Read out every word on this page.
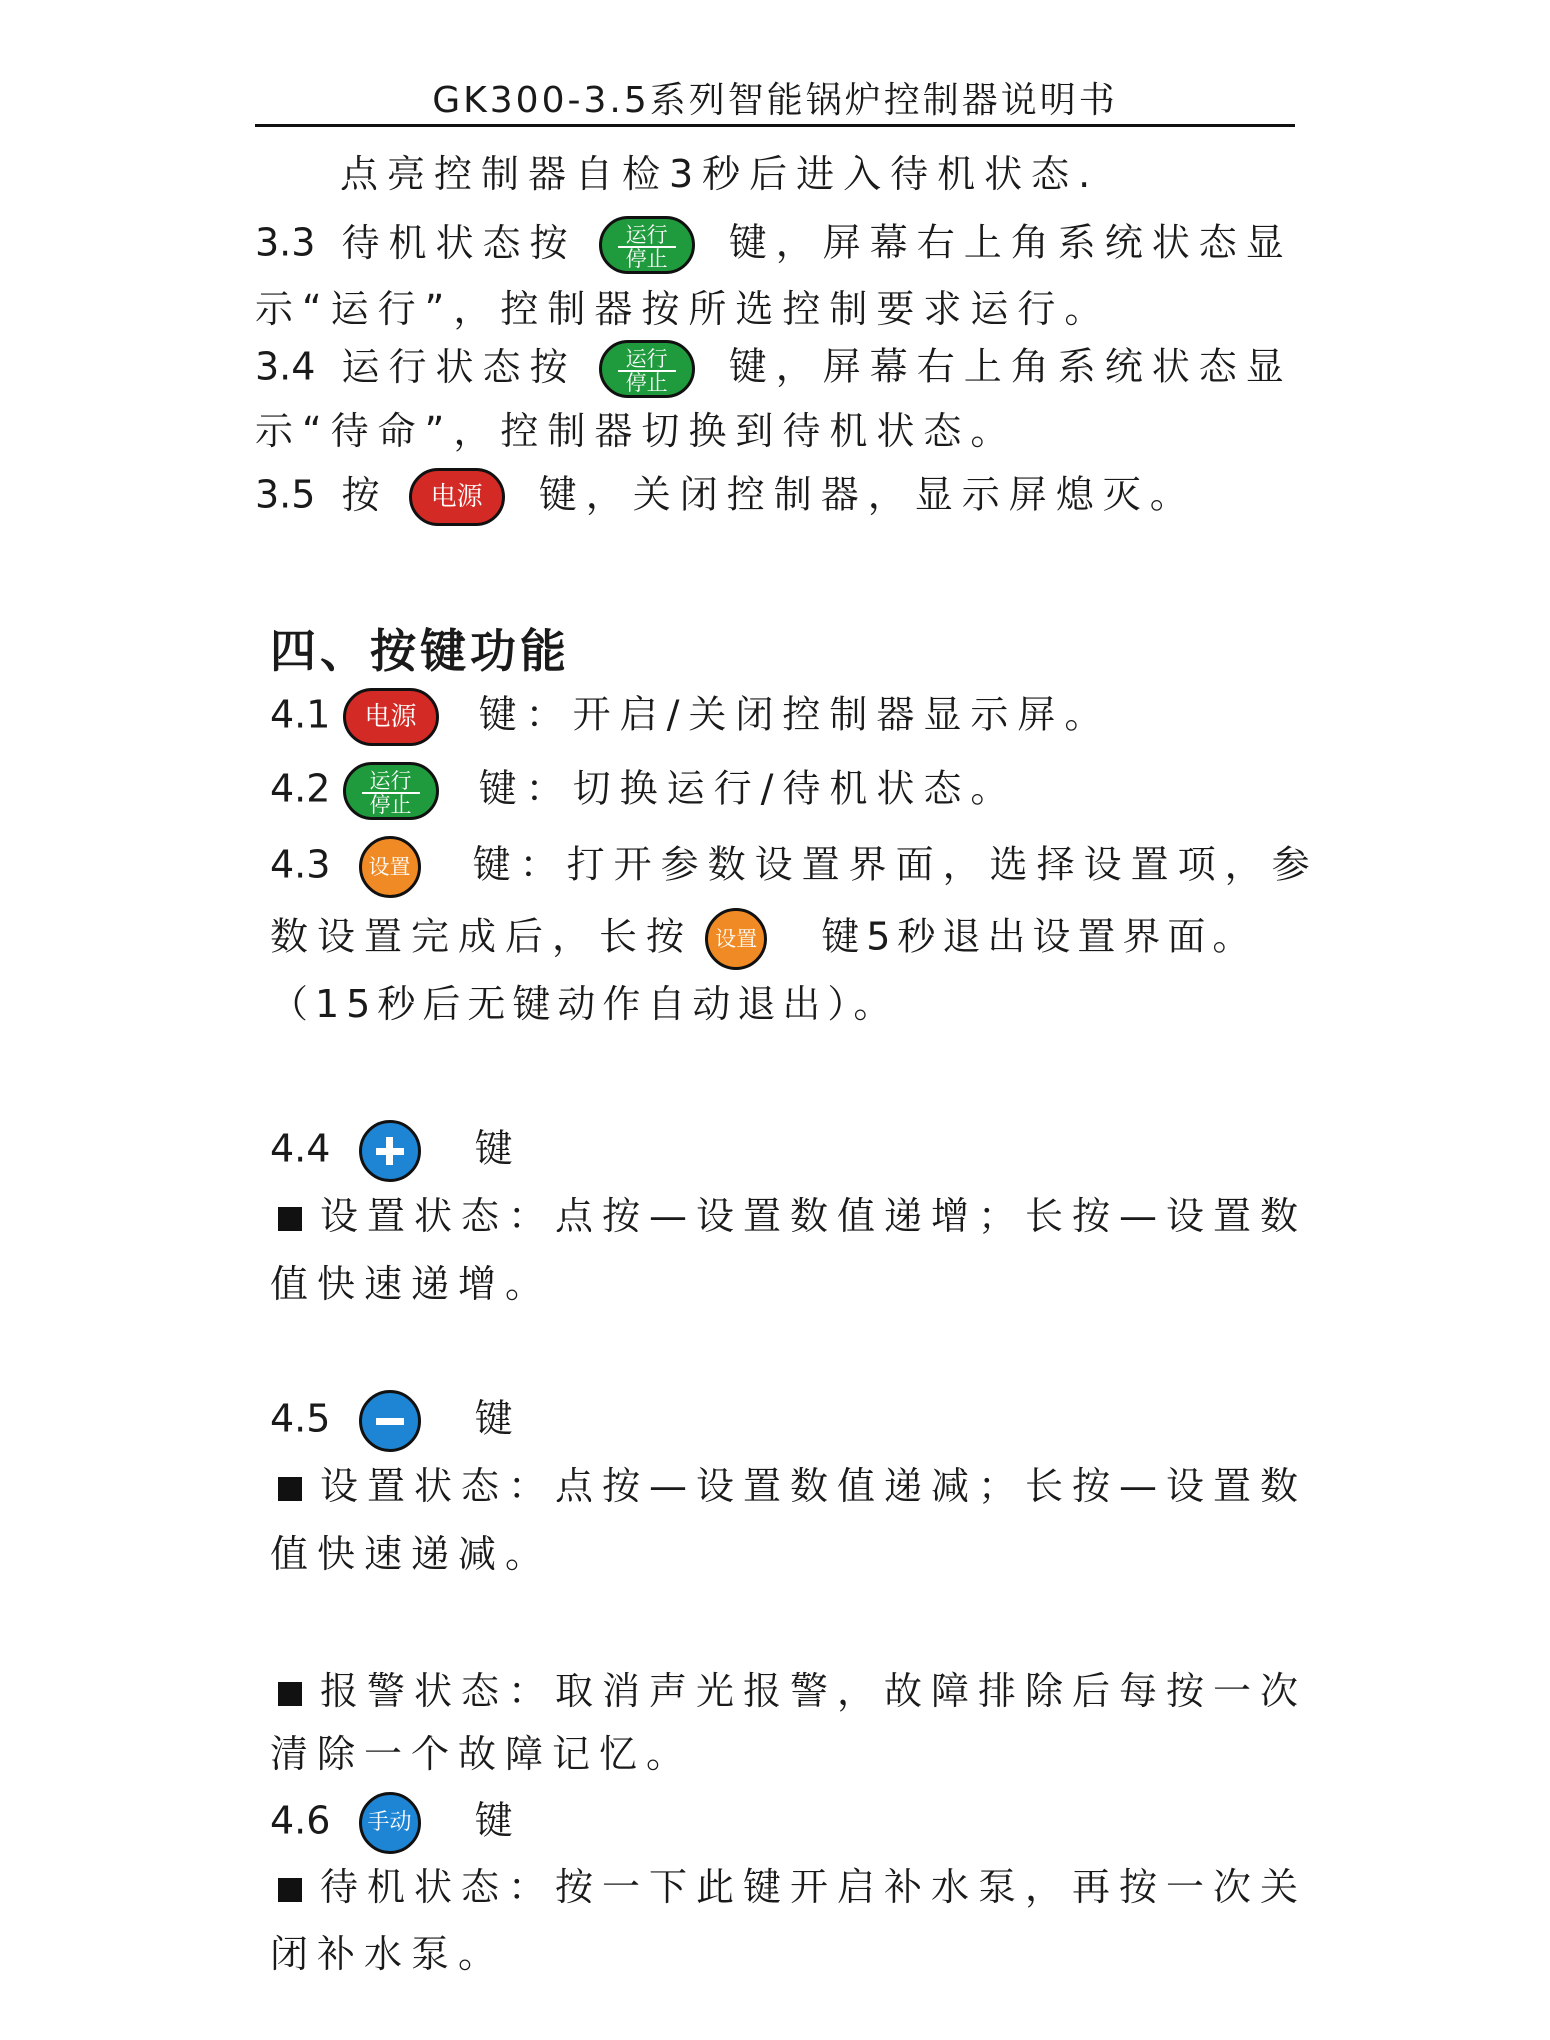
GK300-3.5系列智能锅炉控制器说明书
点亮控制器自检3秒后进入待机状态.
3.3 待机状态按	运行
停止	键，屏幕右上角系统状态显
示“运行”，控制器按所选控制要求运行。
3.4 运行状态按	运行
停止	键，屏幕右上角系统状态显
示“待命”，控制器切换到待机状态。
3.5 按 电源 键，关闭控制器，显示屏熄灭。
四、按键功能
4.1 电源 键：开启/关闭控制器显示屏。
4.2	运行
停止	键：切换运行/待机状态。
4.3 设置 键：打开参数设置界面，选择设置项，参
数设置完成后，长按 设置 键5秒退出设置界面。
（15秒后无键动作自动退出）。
4.4	键
设置状态：点按—设置数值递增；长按—设置数
值快速递增。
4.5	键
设置状态：点按—设置数值递减；长按—设置数
值快速递减。
报警状态：取消声光报警，故障排除后每按一次
清除一个故障记忆。
4.6 手动 键
待机状态：按一下此键开启补水泵，再按一次关
闭补水泵。
